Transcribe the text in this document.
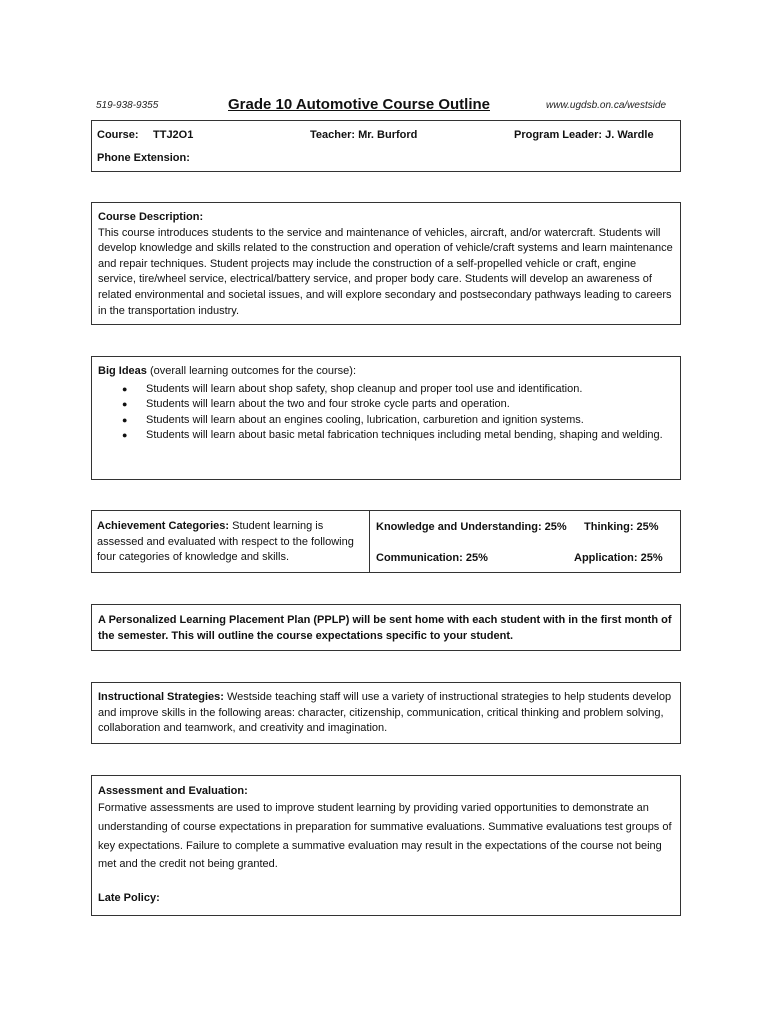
519-938-9355	Grade 10 Automotive Course Outline	www.ugdsb.on.ca/westside
Course: TTJ2O1	Teacher: Mr. Burford	Program Leader: J. Wardle
Phone Extension:

Course Description:

This course introduces students to the service and maintenance of vehicles, aircraft, and/or watercraft. Students will develop knowledge and skills related to the construction and operation of vehicle/craft systems and learn maintenance and repair techniques. Student projects may include the construction of a self-propelled vehicle or craft, engine service, tire/wheel service, electrical/battery service, and proper body care. Students will develop an awareness of related environmental and societal issues, and will explore secondary and postsecondary pathways leading to careers in the transportation industry.

Big Ideas (overall learning outcomes for the course):

● Students will learn about shop safety, shop cleanup and proper tool use and identification.
● Students will learn about the two and four stroke cycle parts and operation.
● Students will learn about an engines cooling, lubrication, carburetion and ignition systems.
● Students will learn about basic metal fabrication techniques including metal bending, shaping and welding.
Achievement Categories: Student learning is assessed and evaluated with respect to the following four categories of knowledge and skills.
Knowledge and Understanding: 25% Thinking: 25%
Communication: 25%	Application: 25%

A Personalized Learning Placement Plan (PPLP) will be sent home with each student with in the first month of the semester. This will outline the course expectations specific to your student.

Instructional Strategies: Westside teaching staff will use a variety of instructional strategies to help students develop and improve skills in the following areas: character, citizenship, communication, critical thinking and problem solving, collaboration and teamwork, and creativity and imagination.

Assessment and Evaluation:

Formative assessments are used to improve student learning by providing varied opportunities to demonstrate an understanding of course expectations in preparation for summative evaluations. Summative evaluations test groups of key expectations. Failure to complete a summative evaluation may result in the expectations of the course not being met and the credit not being granted.

Late Policy:
